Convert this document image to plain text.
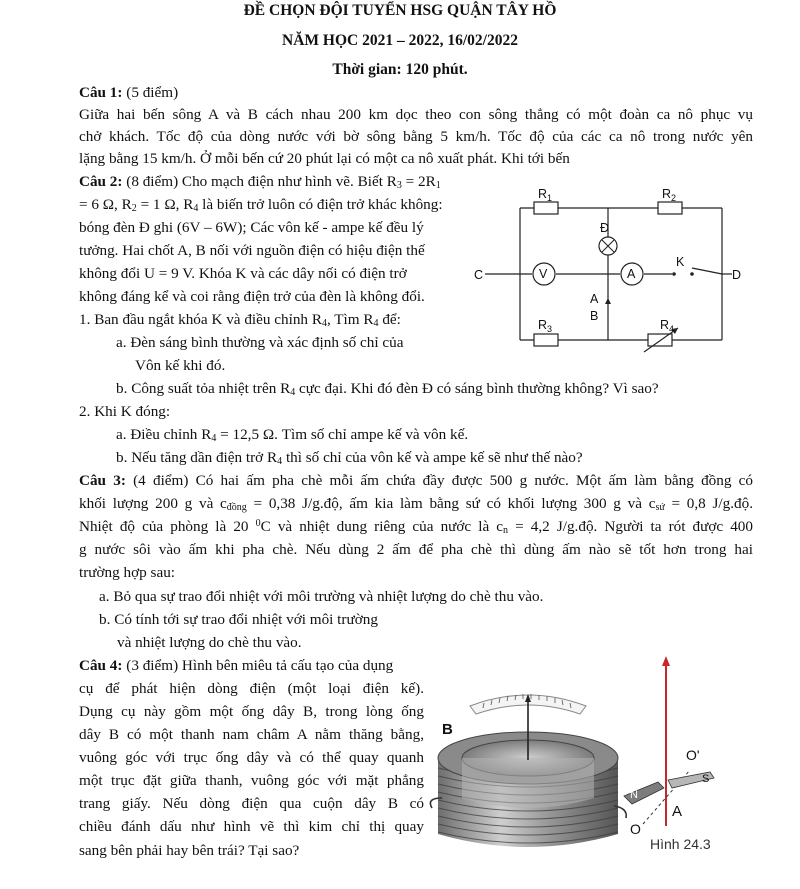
ĐỀ CHỌN ĐỘI TUYỂN HSG QUẬN TÂY HỒ
NĂM HỌC 2021 – 2022, 16/02/2022
Thời gian: 120 phút.
Câu 1: (5 điểm)
Giữa hai bến sông A và B cách nhau 200 km dọc theo con sông thẳng có một đoàn ca nô phục vụ
chở khách. Tốc độ của dòng nước với bờ sông bằng 5 km/h. Tốc độ của các ca nô trong nước yên
lặng bằng 15 km/h. Ở mỗi bến cứ 20 phút lại có một ca nô xuất phát. Khi tới bến
Câu 2: (8 điểm) Cho mạch điện như hình vẽ. Biết $R_3 = 2R_1$
= 6 Ω, $R_2 = 1$ Ω, $R_4$ là biến trở luôn có điện trở khác không:
bóng đèn Đ ghi (6V – 6W); Các vôn kế - ampe kế đều lý
tưởng. Hai chốt A, B nối với nguồn điện có hiệu điện thế
không đổi U = 9 V. Khóa K và các dây nối có điện trở
không đáng kể và coi rằng điện trở của đèn là không đổi.
1. Ban đầu ngắt khóa K và điều chỉnh $R_4$, Tìm $R_4$ để:
a. Đèn sáng bình thường và xác định số chỉ của
Vôn kế khi đó.
b. Công suất tỏa nhiệt trên $R_4$ cực đại. Khi đó đèn Đ có sáng bình thường không? Vì sao?
2. Khi K đóng:
a. Điều chỉnh $R_4 = 12,5$ Ω. Tìm số chỉ ampe kế và vôn kế.
b. Nếu tăng dần điện trở $R_4$ thì số chỉ của vôn kế và ampe kế sẽ như thế nào?
$R_1$	$R_2$
$R_3$	$R_4$
Đ
C	D
V	A
K
A
B
Câu 3: (4 điểm) Có hai ấm pha chè mỗi ấm chứa đầy được 500 g nước. Một ấm làm bằng đồng có
khối lượng 200 g và $c_{đồng} = 0,38$ J/g.độ, ấm kia làm bằng sứ có khối lượng 300 g và $c_{sứ} = 0,8$ J/g.độ.
Nhiệt độ của phòng là 20 $^0$C và nhiệt dung riêng của nước là $c_n = 4,2$ J/g.độ. Người ta rót được 400
g nước sôi vào ấm khi pha chè. Nếu dùng 2 ấm để pha chè thì dùng ấm nào sẽ tốt hơn trong hai
trường hợp sau:
a. Bỏ qua sự trao đổi nhiệt với môi trường và nhiệt lượng do chè thu vào.
b. Có tính tới sự trao đổi nhiệt với môi trường
và nhiệt lượng do chè thu vào.
Câu 4: (3 điểm) Hình bên miêu tả cấu tạo của dụng
cụ để phát hiện dòng điện (một loại điện kế).
Dụng cụ này gồm một ống dây B, trong lòng ống
dây B có một thanh nam châm A nằm thăng bằng,
vuông góc với trục ống dây và có thể quay quanh
một trục đặt giữa thanh, vuông góc với mặt phẳng
trang giấy. Nếu dòng điện qua cuộn dây B có
chiều đánh dấu như hình vẽ thì kim chỉ thị quay
sang bên phải hay bên trái? Tại sao?
B
O'
N
S
O
A
Hình 24.3
